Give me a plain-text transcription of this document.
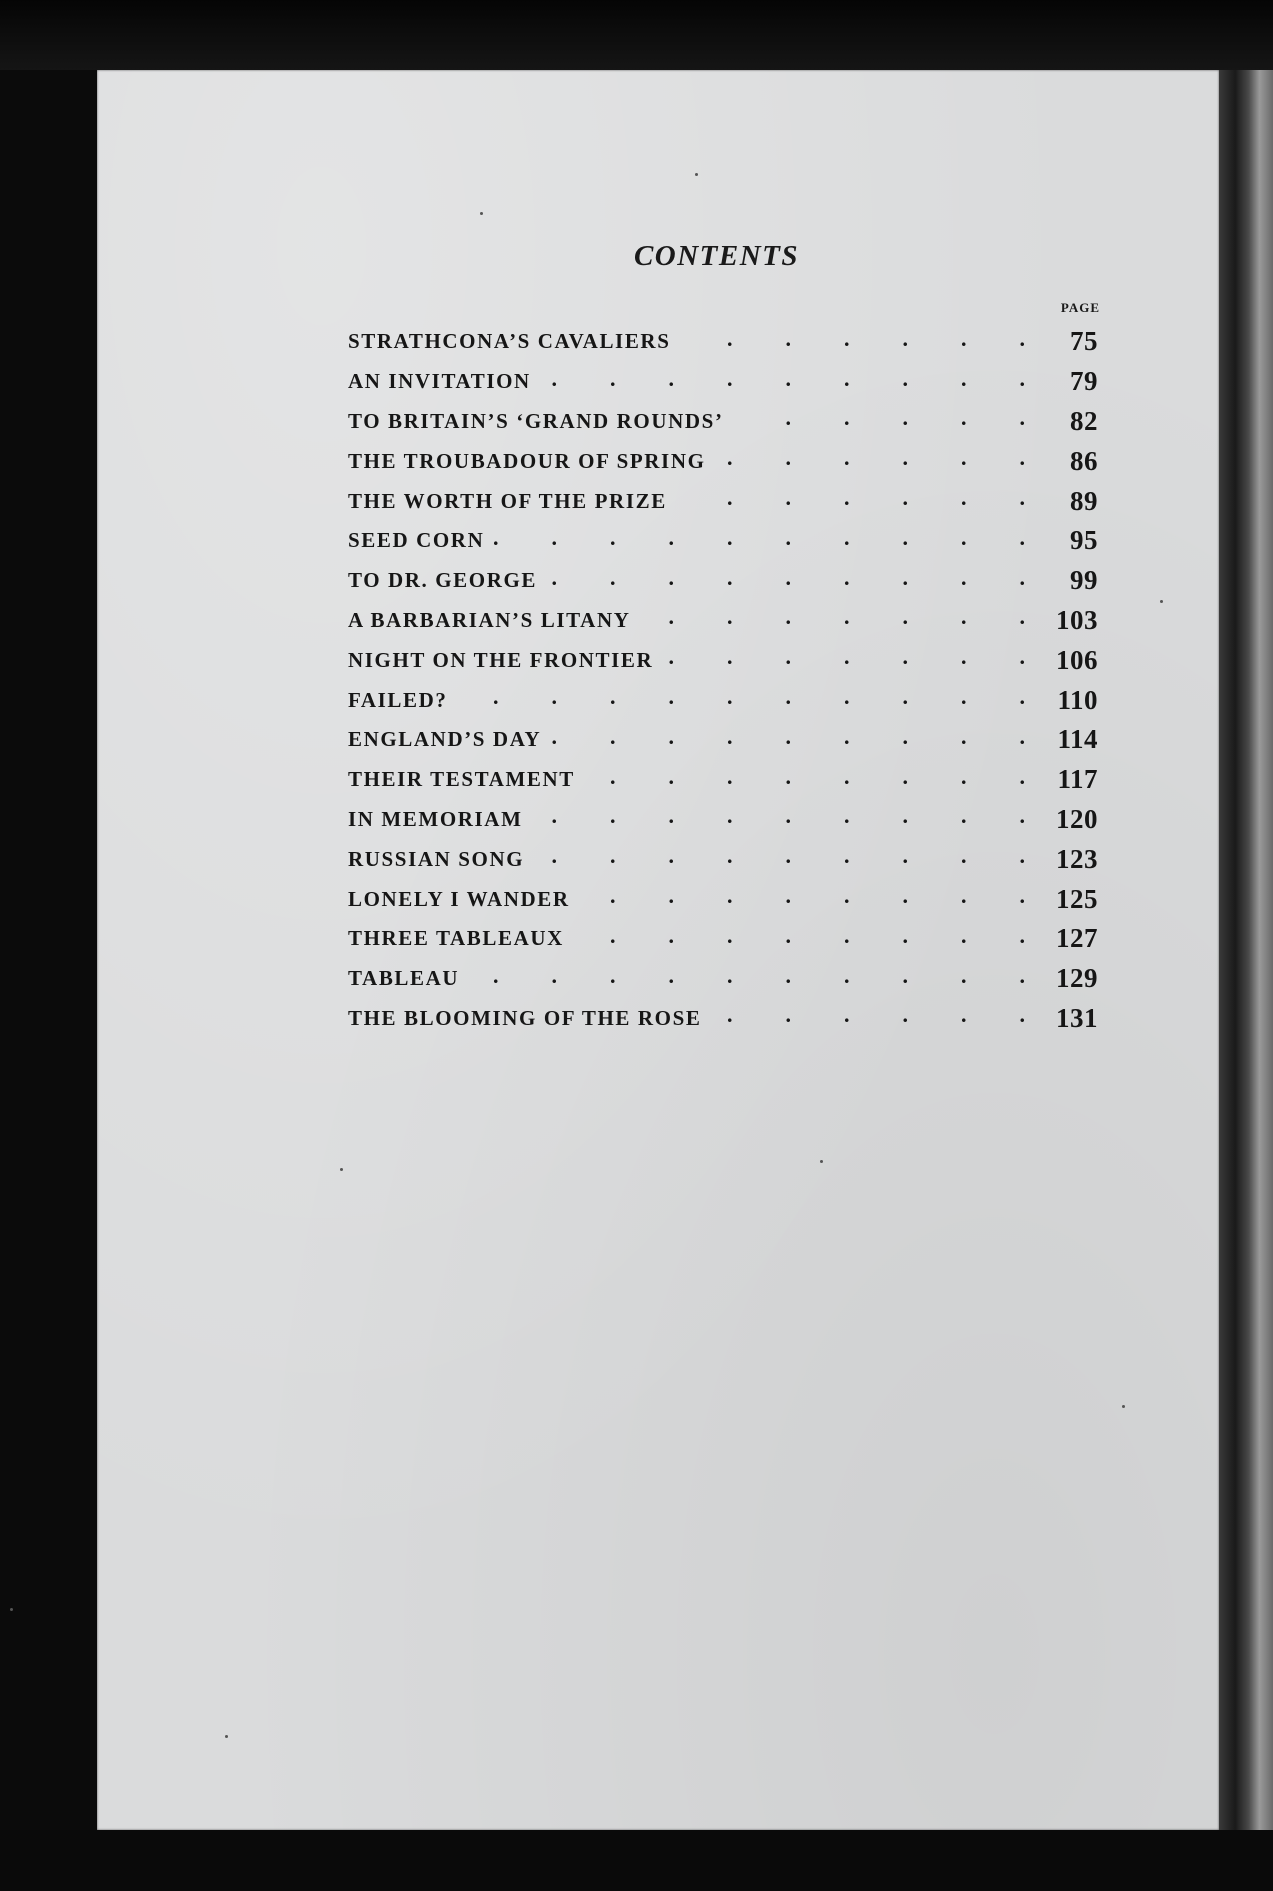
CONTENTS
PAGE
STRATHCONA’S CAVALIERS .	75
AN INVITATION .	79
TO BRITAIN’S ‘GRAND ROUNDS’ .	82
THE TROUBADOUR OF SPRING .	86
THE WORTH OF THE PRIZE .	89
SEED CORN .	95
TO DR. GEORGE .	99
A BARBARIAN’S LITANY .	103
NIGHT ON THE FRONTIER .	106
FAILED? .	110
ENGLAND’S DAY .	114
THEIR TESTAMENT .	117
IN MEMORIAM .	120
RUSSIAN SONG .	123
LONELY I WANDER .	125
THREE TABLEAUX .	127
TABLEAU .	129
THE BLOOMING OF THE ROSE .	131
